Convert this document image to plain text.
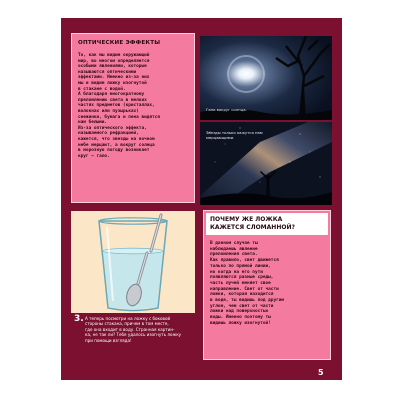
ОПТИЧЕСКИЕ ЭФФЕКТЫ

То, как мы видим окружающий
мир, во многом определяется
особыми явлениями, которые
называются оптическими
эффектами. Именно из-за них
мы и видим ложку изогнутой
в стакане с водой.
А благодаря многократному
преломлению света в мелких
частях предметов (кристаллах,
волокнах или пузырьках)
снежинки, бумага и пена видятся
нам белыми.
Из-за оптического эффекта,
называемого рефракцией,
кажется, что звезды на ночном
небе мерцают, а вокруг солнца
в морозную погоду возникает
круг — гало.

Гало вокруг солнца.
Звезды только кажутся нам
мерцающими.
3. А теперь посмотри на ложку с боковой
стороны стакана, причем в том месте,
где она входит в воду. Странная картин-
ка, не так ли? Тебе удалось изогнуть ложку
при помощи взгляда!
ПОЧЕМУ ЖЕ ЛОЖКА
КАЖЕТСЯ СЛОМАННОЙ?

В данном случае ты
наблюдаешь явление
преломления света.
Как правило, свет движется
только по прямой линии,
но когда на его пути
появляются разные среды,
часть лучей меняет свое
направление. Свет от части
ложки, которая находится
в воде, ты видишь под другим
углом, чем свет от части
ложки над поверхностью
воды. Именно поэтому ты
видишь ложку изогнутой!

5
